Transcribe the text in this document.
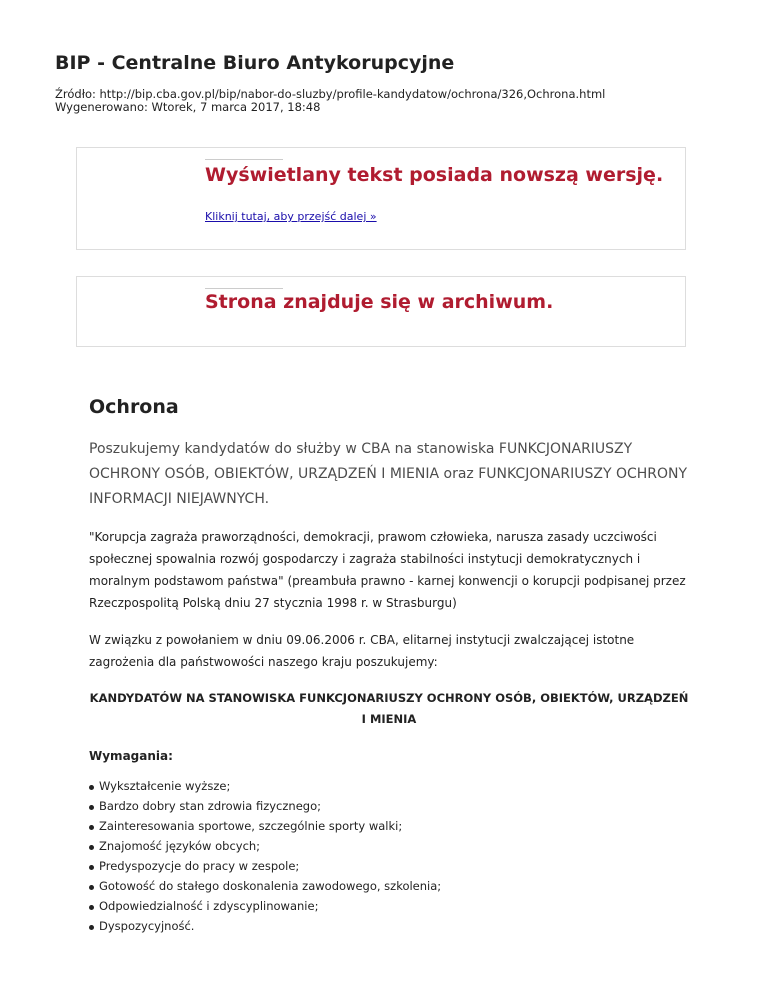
BIP - Centralne Biuro Antykorupcyjne
Źródło: http://bip.cba.gov.pl/bip/nabor-do-sluzby/profile-kandydatow/ochrona/326,Ochrona.html
Wygenerowano: Wtorek, 7 marca 2017, 18:48
Wyświetlany tekst posiada nowszą wersję.
Kliknij tutaj, aby przejść dalej »
Strona znajduje się w archiwum.
Ochrona

Poszukujemy kandydatów do służby w CBA na stanowiska FUNKCJONARIUSZY OCHRONY OSÓB, OBIEKTÓW, URZĄDZEŃ I MIENIA oraz FUNKCJONARIUSZY OCHRONY INFORMACJI NIEJAWNYCH.

"Korupcja zagraża praworządności, demokracji, prawom człowieka, narusza zasady uczciwości społecznej spowalnia rozwój gospodarczy i zagraża stabilności instytucji demokratycznych i moralnym podstawom państwa" (preambuła prawno - karnej konwencji o korupcji podpisanej przez Rzeczpospolitą Polską dniu 27 stycznia 1998 r. w Strasburgu)

W związku z powołaniem w dniu 09.06.2006 r. CBA, elitarnej instytucji zwalczającej istotne zagrożenia dla państwowości naszego kraju poszukujemy:

KANDYDATÓW NA STANOWISKA FUNKCJONARIUSZY OCHRONY OSÓB, OBIEKTÓW, URZĄDZEŃ I MIENIA

Wymagania:

Wykształcenie wyższe;
Bardzo dobry stan zdrowia fizycznego;
Zainteresowania sportowe, szczególnie sporty walki;
Znajomość języków obcych;
Predyspozycje do pracy w zespole;
Gotowość do stałego doskonalenia zawodowego, szkolenia;
Odpowiedzialność i zdyscyplinowanie;
Dyspozycyjność.
